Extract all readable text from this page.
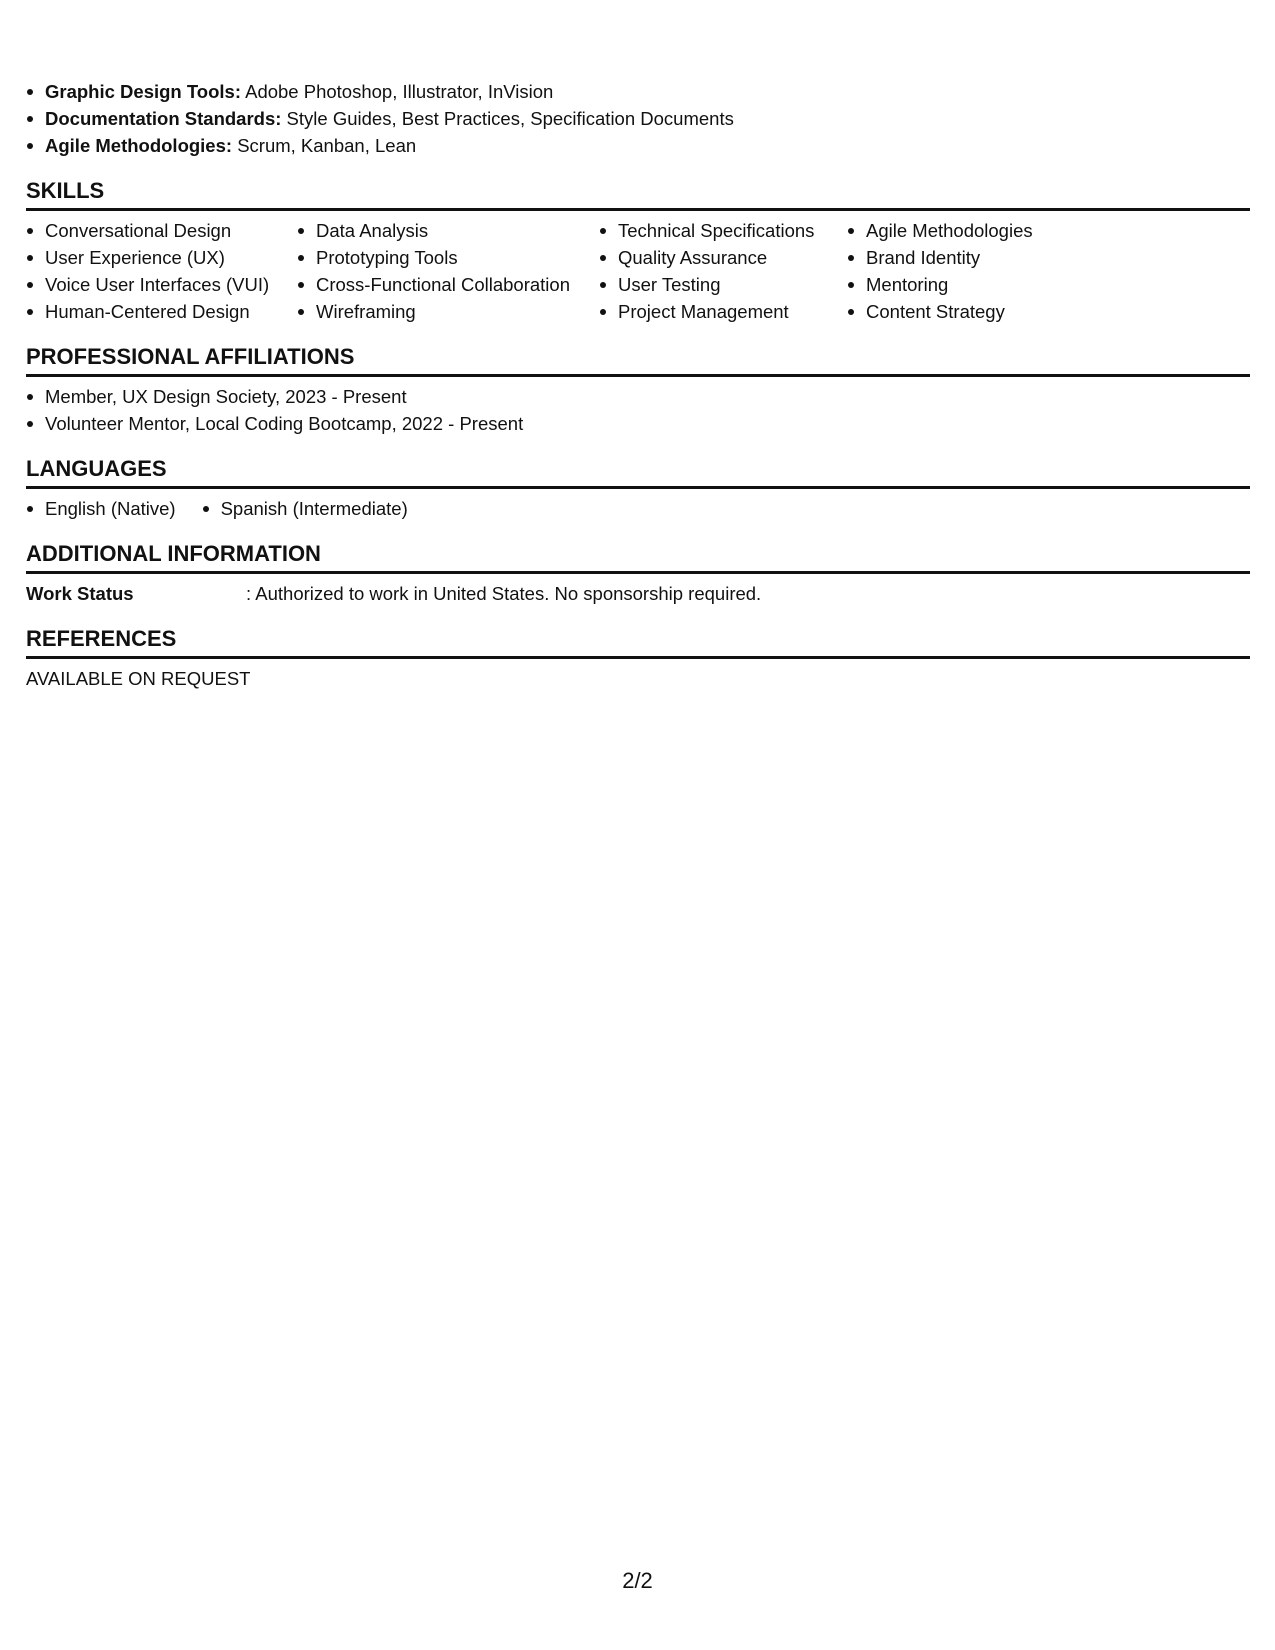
Graphic Design Tools: Adobe Photoshop, Illustrator, InVision
Documentation Standards: Style Guides, Best Practices, Specification Documents
Agile Methodologies: Scrum, Kanban, Lean
SKILLS
Conversational Design
User Experience (UX)
Voice User Interfaces (VUI)
Human-Centered Design
Data Analysis
Prototyping Tools
Cross-Functional Collaboration
Wireframing
Technical Specifications
Quality Assurance
User Testing
Project Management
Agile Methodologies
Brand Identity
Mentoring
Content Strategy
PROFESSIONAL AFFILIATIONS
Member, UX Design Society, 2023 - Present
Volunteer Mentor, Local Coding Bootcamp, 2022 - Present
LANGUAGES
English (Native)	Spanish (Intermediate)
ADDITIONAL INFORMATION
Work Status	: Authorized to work in United States. No sponsorship required.
REFERENCES
AVAILABLE ON REQUEST
2/2
